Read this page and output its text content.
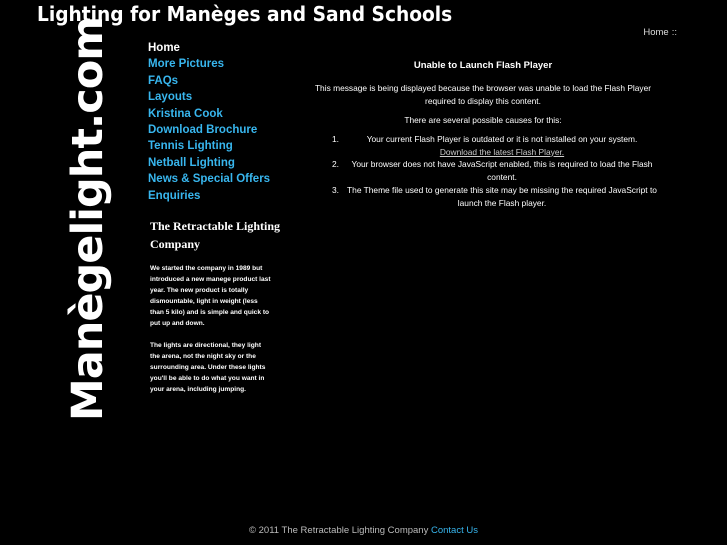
Lighting for Manèges and Sand Schools
Home ::
Manègelight.com	Home
More Pictures
FAQs
Layouts
Kristina Cook
Download Brochure
Tennis Lighting
Netball Lighting
News & Special Offers
Enquiries
The Retractable Lighting Company

We started the company in 1989 but introduced a new manege product last year. The new product is totally dismountable, light in weight (less than 5 kilo) and is simple and quick to put up and down.

The lights are directional, they light the arena, not the night sky or the surrounding area. Under these lights you'll be able to do what you want in your arena, including jumping.

Unable to Launch Flash Player

This message is being displayed because the browser was unable to load the Flash Player required to display this content.

There are several possible causes for this:

1.	Your current Flash Player is outdated or it is not installed on your system.
Download the latest Flash Player.
2.	Your browser does not have JavaScript enabled, this is required to load the Flash content.
3. The Theme file used to generate this site may be missing the required JavaScript to launch the Flash player.
© 2011 The Retractable Lighting Company Contact Us
